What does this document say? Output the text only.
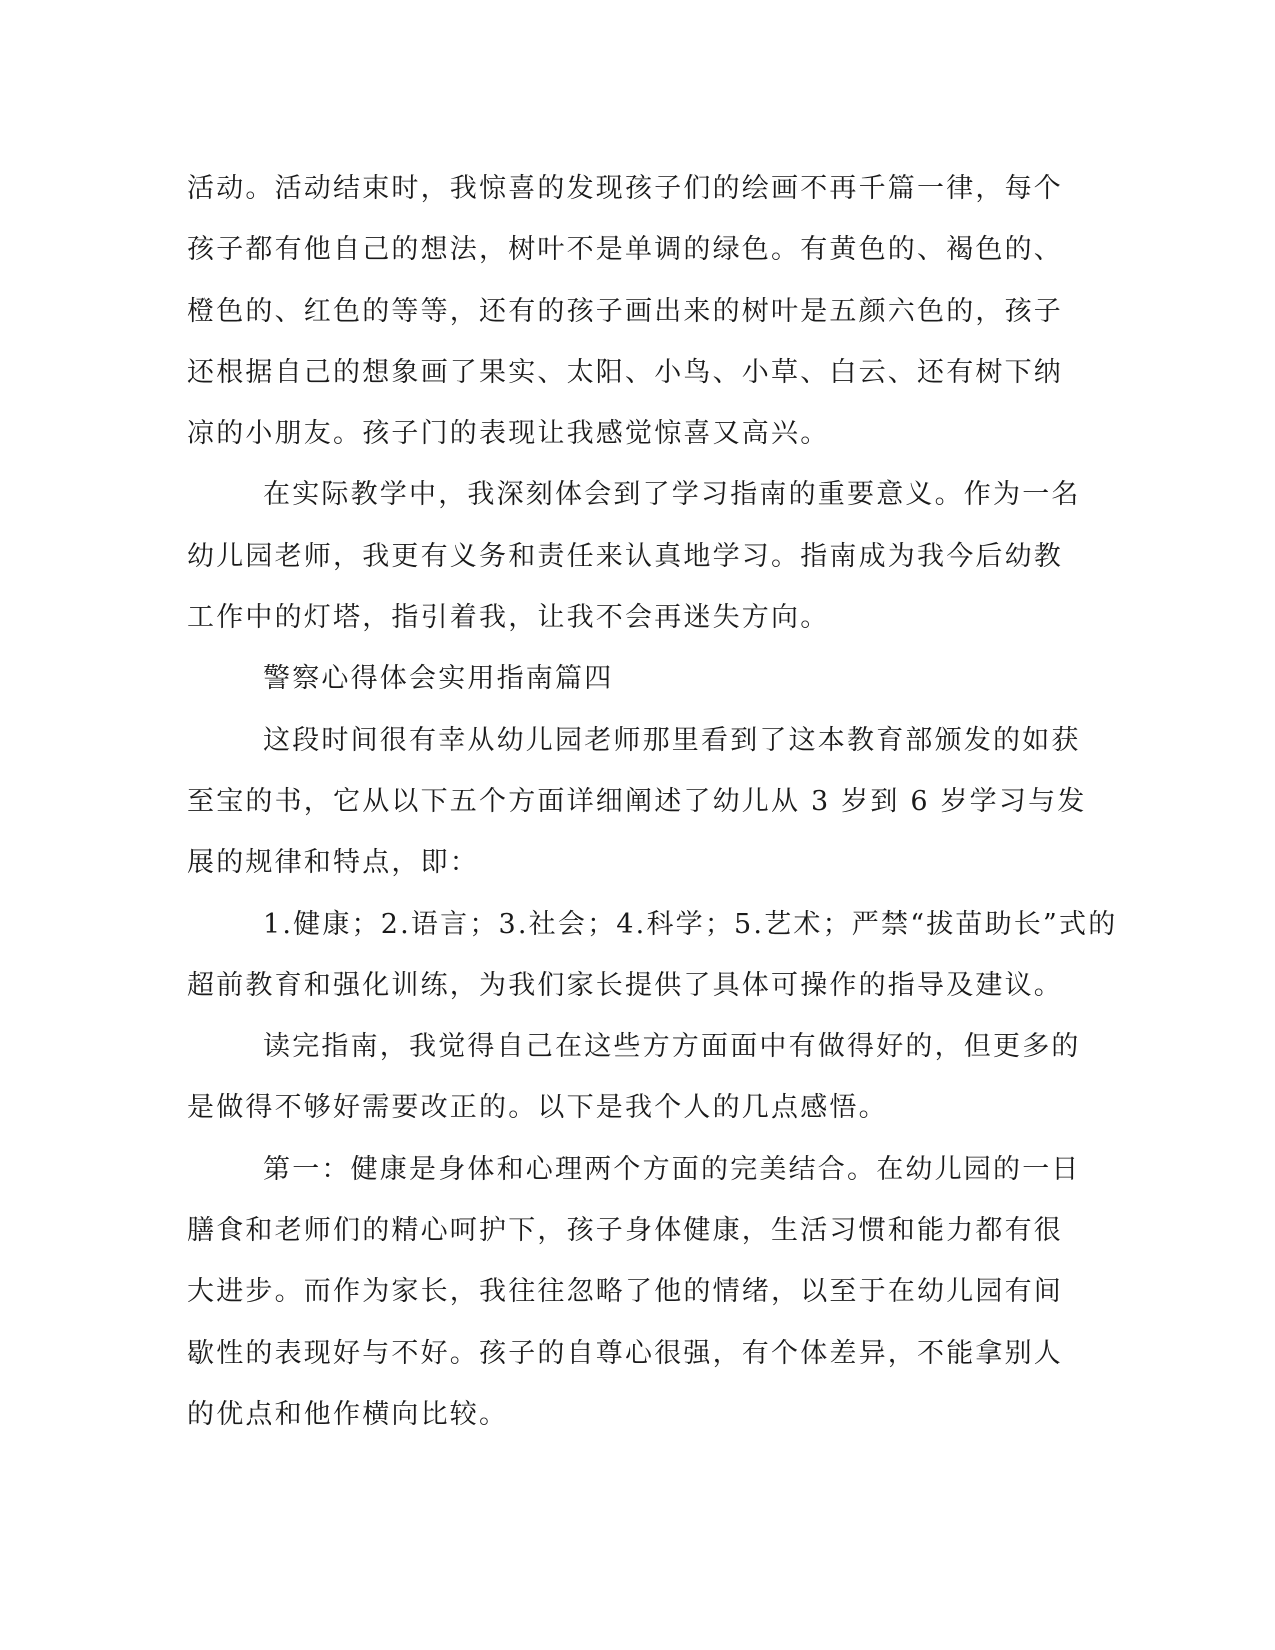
活动。活动结束时，我惊喜的发现孩子们的绘画不再千篇一律，每个
孩子都有他自己的想法，树叶不是单调的绿色。有黄色的、褐色的、
橙色的、红色的等等，还有的孩子画出来的树叶是五颜六色的，孩子
还根据自己的想象画了果实、太阳、小鸟、小草、白云、还有树下纳
凉的小朋友。孩子门的表现让我感觉惊喜又高兴。
在实际教学中，我深刻体会到了学习指南的重要意义。作为一名
幼儿园老师，我更有义务和责任来认真地学习。指南成为我今后幼教
工作中的灯塔，指引着我，让我不会再迷失方向。
警察心得体会实用指南篇四
这段时间很有幸从幼儿园老师那里看到了这本教育部颁发的如获
至宝的书，它从以下五个方面详细阐述了幼儿从 3 岁到 6 岁学习与发
展的规律和特点，即：
1.健康；2.语言；3.社会；4.科学；5.艺术；严禁“拔苗助长”式的
超前教育和强化训练，为我们家长提供了具体可操作的指导及建议。
读完指南，我觉得自己在这些方方面面中有做得好的，但更多的
是做得不够好需要改正的。以下是我个人的几点感悟。
第一：健康是身体和心理两个方面的完美结合。在幼儿园的一日
膳食和老师们的精心呵护下，孩子身体健康，生活习惯和能力都有很
大进步。而作为家长，我往往忽略了他的情绪，以至于在幼儿园有间
歇性的表现好与不好。孩子的自尊心很强，有个体差异，不能拿别人
的优点和他作横向比较。
